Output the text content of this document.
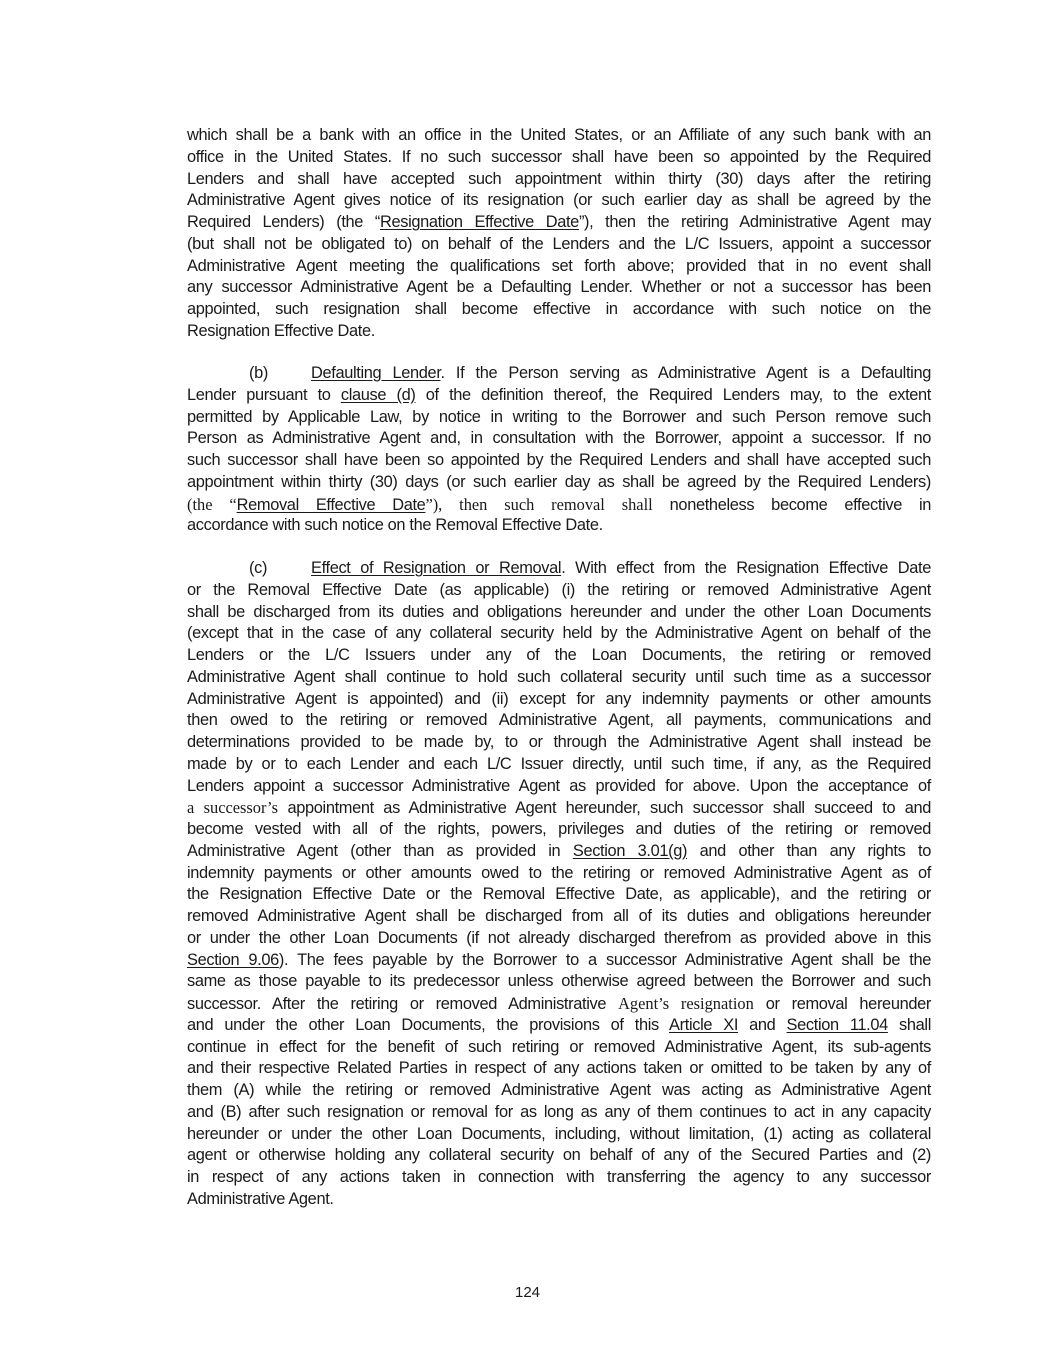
which shall be a bank with an office in the United States, or an Affiliate of any such bank with an
office in the United States. If no such successor shall have been so appointed by the Required
Lenders and shall have accepted such appointment within thirty (30) days after the retiring
Administrative Agent gives notice of its resignation (or such earlier day as shall be agreed by the
Required Lenders) (the “Resignation Effective Date”), then the retiring Administrative Agent may
(but shall not be obligated to) on behalf of the Lenders and the L/C Issuers, appoint a successor
Administrative Agent meeting the qualifications set forth above; provided that in no event shall
any successor Administrative Agent be a Defaulting Lender. Whether or not a successor has been
appointed, such resignation shall become effective in accordance with such notice on the
Resignation Effective Date.
(b)	Defaulting Lender. If the Person serving as Administrative Agent is a Defaulting
Lender pursuant to clause (d) of the definition thereof, the Required Lenders may, to the extent
permitted by Applicable Law, by notice in writing to the Borrower and such Person remove such
Person as Administrative Agent and, in consultation with the Borrower, appoint a successor. If no
such successor shall have been so appointed by the Required Lenders and shall have accepted such
appointment within thirty (30) days (or such earlier day as shall be agreed by the Required Lenders)
(the “Removal Effective Date”), then such removal shall nonetheless become effective in
accordance with such notice on the Removal Effective Date.
(c)	Effect of Resignation or Removal. With effect from the Resignation Effective Date
or the Removal Effective Date (as applicable) (i) the retiring or removed Administrative Agent
shall be discharged from its duties and obligations hereunder and under the other Loan Documents
(except that in the case of any collateral security held by the Administrative Agent on behalf of the
Lenders or the L/C Issuers under any of the Loan Documents, the retiring or removed
Administrative Agent shall continue to hold such collateral security until such time as a successor
Administrative Agent is appointed) and (ii) except for any indemnity payments or other amounts
then owed to the retiring or removed Administrative Agent, all payments, communications and
determinations provided to be made by, to or through the Administrative Agent shall instead be
made by or to each Lender and each L/C Issuer directly, until such time, if any, as the Required
Lenders appoint a successor Administrative Agent as provided for above. Upon the acceptance of
a successor’s appointment as Administrative Agent hereunder, such successor shall succeed to and
become vested with all of the rights, powers, privileges and duties of the retiring or removed
Administrative Agent (other than as provided in Section 3.01(g) and other than any rights to
indemnity payments or other amounts owed to the retiring or removed Administrative Agent as of
the Resignation Effective Date or the Removal Effective Date, as applicable), and the retiring or
removed Administrative Agent shall be discharged from all of its duties and obligations hereunder
or under the other Loan Documents (if not already discharged therefrom as provided above in this
Section 9.06). The fees payable by the Borrower to a successor Administrative Agent shall be the
same as those payable to its predecessor unless otherwise agreed between the Borrower and such
successor. After the retiring or removed Administrative Agent’s resignation or removal hereunder
and under the other Loan Documents, the provisions of this Article XI and Section 11.04 shall
continue in effect for the benefit of such retiring or removed Administrative Agent, its sub-agents
and their respective Related Parties in respect of any actions taken or omitted to be taken by any of
them (A) while the retiring or removed Administrative Agent was acting as Administrative Agent
and (B) after such resignation or removal for as long as any of them continues to act in any capacity
hereunder or under the other Loan Documents, including, without limitation, (1) acting as collateral
agent or otherwise holding any collateral security on behalf of any of the Secured Parties and (2)
in respect of any actions taken in connection with transferring the agency to any successor
Administrative Agent.
124
